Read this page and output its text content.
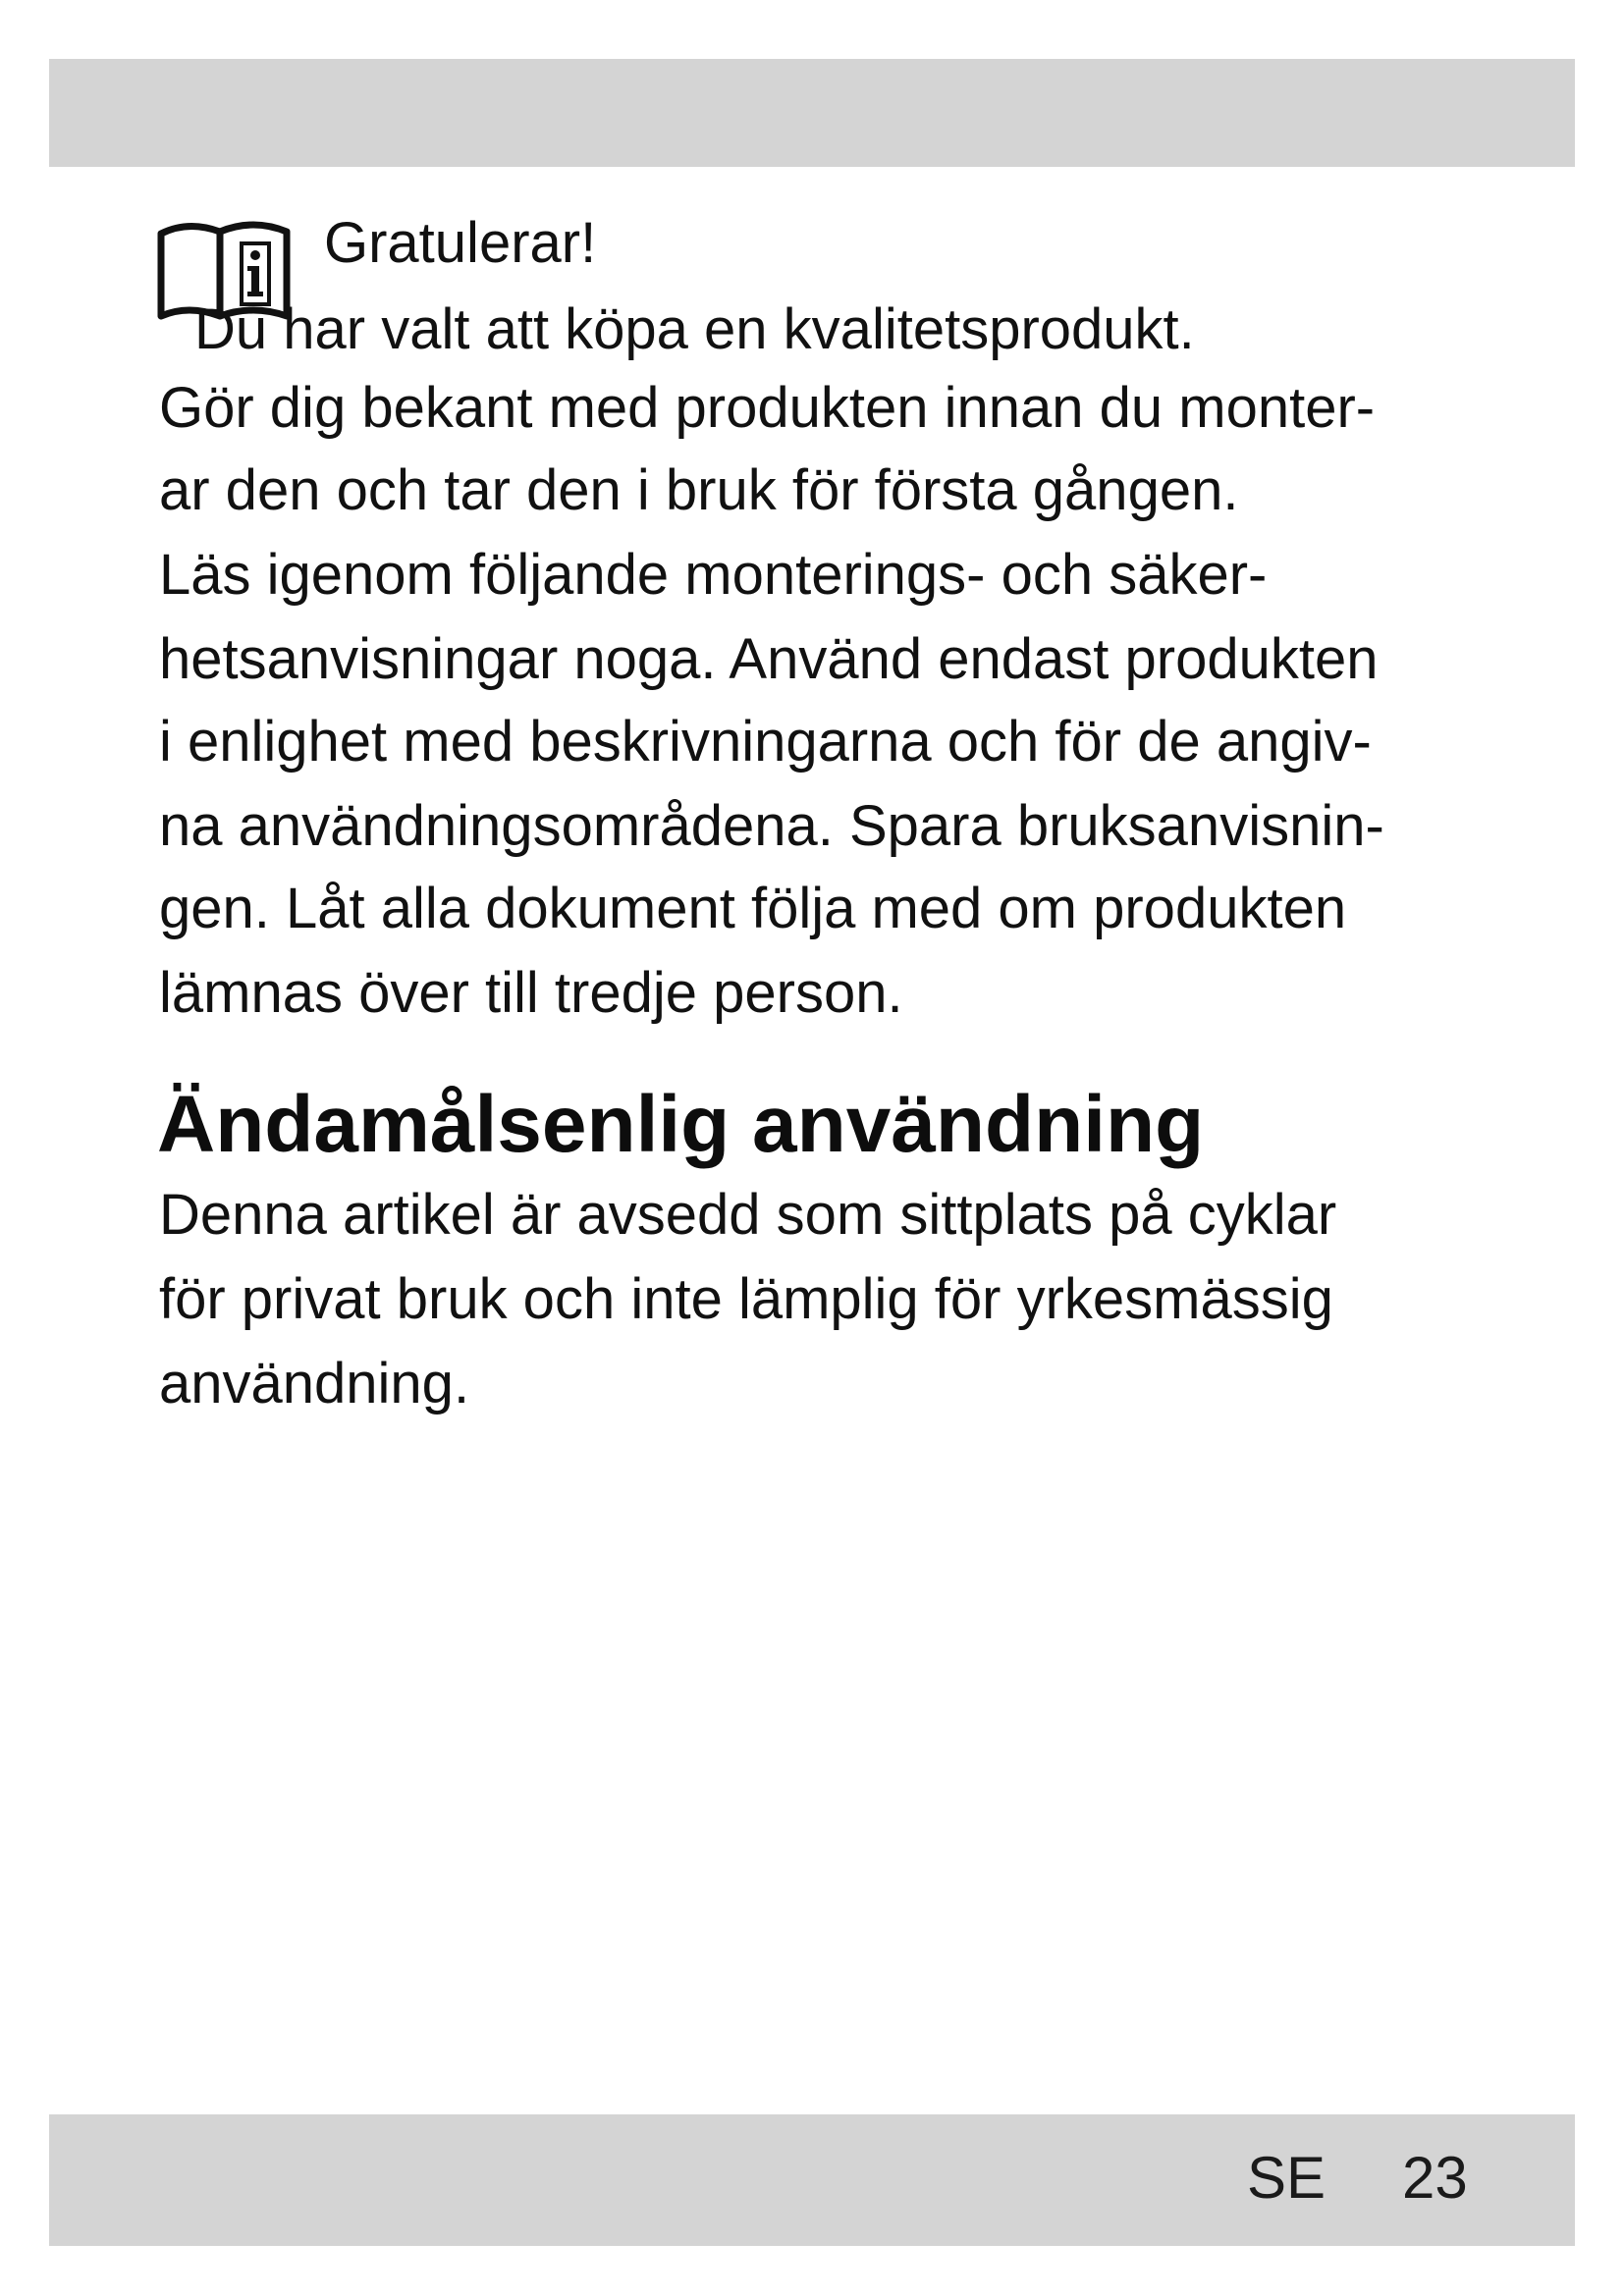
Gratulerar!
Du har valt att köpa en kvalitetsprodukt.
Gör dig bekant med produkten innan du monter-
ar den och tar den i bruk för första gången.
Läs igenom följande monterings- och säker-
hetsanvisningar noga. Använd endast produkten
i enlighet med beskrivningarna och för de angiv-
na användningsområdena. Spara bruksanvisnin-
gen. Låt alla dokument följa med om produkten
lämnas över till tredje person.
Ändamålsenlig användning
Denna artikel är avsedd som sittplats på cyklar
för privat bruk och inte lämplig för yrkesmässig
användning.
SE 23
